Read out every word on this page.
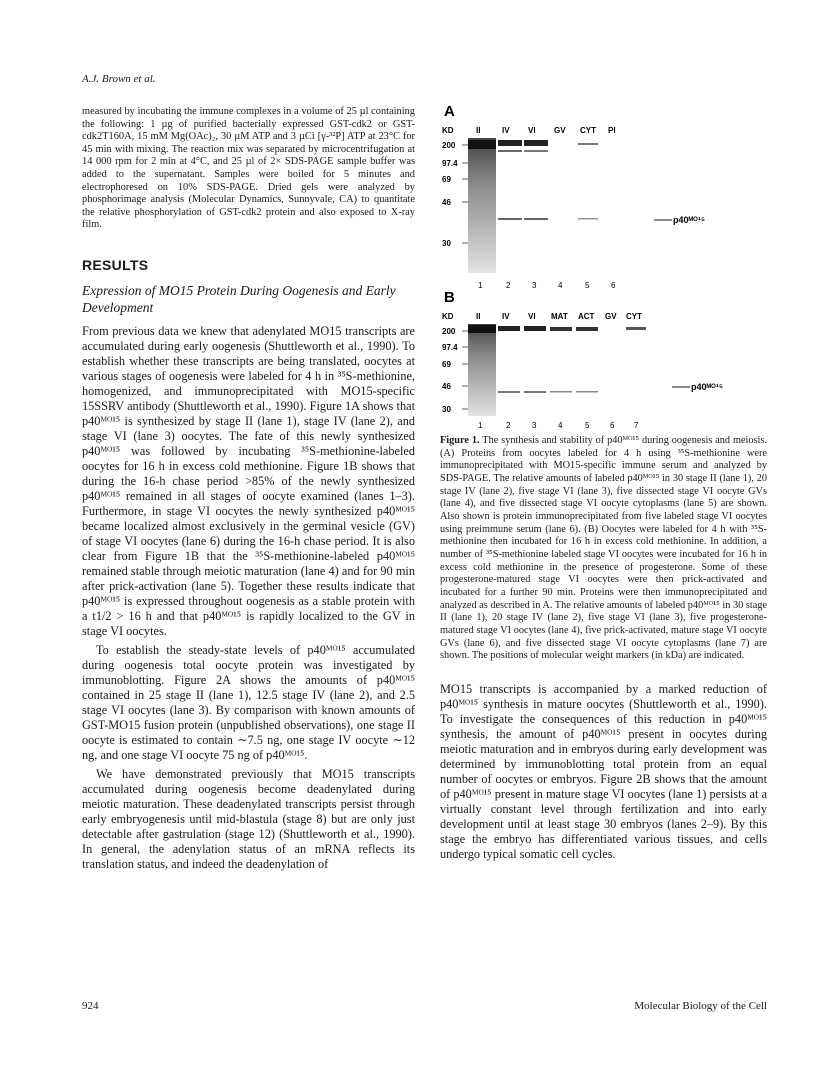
A.J. Brown et al.
measured by incubating the immune complexes in a volume of 25 µl containing the following: 1 µg of purified bacterially expressed GST-cdk2 or GST-cdk2T160A, 15 mM Mg(OAc)₂, 30 µM ATP and 3 µCi [γ-³²P] ATP at 23°C for 45 min with mixing. The reaction mix was separated by microcentrifugation at 14 000 rpm for 2 min at 4°C, and 25 µl of 2× SDS-PAGE sample buffer was added to the supernatant. Samples were boiled for 5 minutes and electrophoresed on 10% SDS-PAGE. Dried gels were analyzed by phosphorimage analysis (Molecular Dynamics, Sunnyvale, CA) to quantitate the relative phosphorylation of GST-cdk2 protein and also exposed to X-ray film.
RESULTS
Expression of MO15 Protein During Oogenesis and Early Development

From previous data we knew that adenylated MO15 transcripts are accumulated during early oogenesis (Shuttleworth et al., 1990). To establish whether these transcripts are being translated, oocytes at various stages of oogenesis were labeled for 4 h in ³⁵S-methionine, homogenized, and immunoprecipitated with MO15-specific 15SSRV antibody (Shuttleworth et al., 1990). Figure 1A shows that p40ᴹᴼ¹⁵ is synthesized by stage II (lane 1), stage IV (lane 2), and stage VI (lane 3) oocytes. The fate of this newly synthesized p40ᴹᴼ¹⁵ was followed by incubating ³⁵S-methionine-labeled oocytes for 16 h in excess cold methionine. Figure 1B shows that during the 16-h chase period >85% of the newly synthesized p40ᴹᴼ¹⁵ remained in all stages of oocyte examined (lanes 1–3). Furthermore, in stage VI oocytes the newly synthesized p40ᴹᴼ¹⁵ became localized almost exclusively in the germinal vesicle (GV) of stage VI oocytes (lane 6) during the 16-h chase period. It is also clear from Figure 1B that the ³⁵S-methionine-labeled p40ᴹᴼ¹⁵ remained stable through meiotic maturation (lane 4) and for 90 min after prick-activation (lane 5). Together these results indicate that p40ᴹᴼ¹⁵ is expressed throughout oogenesis as a stable protein with a t1/2 > 16 h and that p40ᴹᴼ¹⁵ is rapidly localized to the GV in stage VI oocytes.

To establish the steady-state levels of p40ᴹᴼ¹⁵ accumulated during oogenesis total oocyte protein was investigated by immunoblotting. Figure 2A shows the amounts of p40ᴹᴼ¹⁵ contained in 25 stage II (lane 1), 12.5 stage IV (lane 2), and 2.5 stage VI oocytes (lane 3). By comparison with known amounts of GST-MO15 fusion protein (unpublished observations), one stage II oocyte is estimated to contain ∼7.5 ng, one stage IV oocyte ∼12 ng, and one stage VI oocyte 75 ng of p40ᴹᴼ¹⁵.

We have demonstrated previously that MO15 transcripts accumulated during oogenesis become deadenylated during meiotic maturation. These deadenylated transcripts persist through early embryogenesis until mid-blastula (stage 8) but are only just detectable after gastrulation (stage 12) (Shuttleworth et al., 1990). In general, the adenylation status of an mRNA reflects its translation status, and indeed the deadenylation of

A
KD	II	IV VI GV CYT PI
200
97.4
69
46
30
p40ᴹᴼ¹⁵
1	2	3	4	5	6
B
KD	II	IV VI MAT ACT GV CYT
200
97.4
69
46
30
p40ᴹᴼ¹⁵
1	2	3	4	5	6 7
Figure 1. The synthesis and stability of p40ᴹᴼ¹⁵ during oogenesis and meiosis. (A) Proteins from oocytes labeled for 4 h using ³⁵S-methionine were immunoprecipitated with MO15-specific immune serum and analyzed by SDS-PAGE. The relative amounts of labeled p40ᴹᴼ¹⁵ in 30 stage II (lane 1), 20 stage IV (lane 2), five stage VI (lane 3), five dissected stage VI oocyte GVs (lane 4), and five dissected stage VI oocyte cytoplasms (lane 5) are shown. Also shown is protein immunoprecipitated from five labeled stage VI oocytes using preimmune serum (lane 6). (B) Oocytes were labeled for 4 h with ³⁵S-methionine then incubated for 16 h in excess cold methionine. In addition, a number of ³⁵S-methionine labeled stage VI oocytes were incubated for 16 h in excess cold methionine in the presence of progesterone. Some of these progesterone-matured stage VI oocytes were then prick-activated and incubated for a further 90 min. Proteins were then immunoprecipitated and analyzed as described in A. The relative amounts of labeled p40ᴹᴼ¹⁵ in 30 stage II (lane 1), 20 stage IV (lane 2), five stage VI (lane 3), five progesterone-matured stage VI oocytes (lane 4), five prick-activated, mature stage VI oocyte GVs (lane 6), and five dissected stage VI oocyte cytoplasms (lane 7) are shown. The positions of molecular weight markers (in kDa) are indicated.

MO15 transcripts is accompanied by a marked reduction of p40ᴹᴼ¹⁵ synthesis in mature oocytes (Shuttleworth et al., 1990). To investigate the consequences of this reduction in p40ᴹᴼ¹⁵ synthesis, the amount of p40ᴹᴼ¹⁵ present in oocytes during meiotic maturation and in embryos during early development was determined by immunoblotting total protein from an equal number of oocytes or embryos. Figure 2B shows that the amount of p40ᴹᴼ¹⁵ present in mature stage VI oocytes (lane 1) persists at a virtually constant level through fertilization and into early development until at least stage 30 embryos (lanes 2–9). By this stage the embryo has differentiated various tissues, and cells undergo typical somatic cell cycles.

924	Molecular Biology of the Cell
